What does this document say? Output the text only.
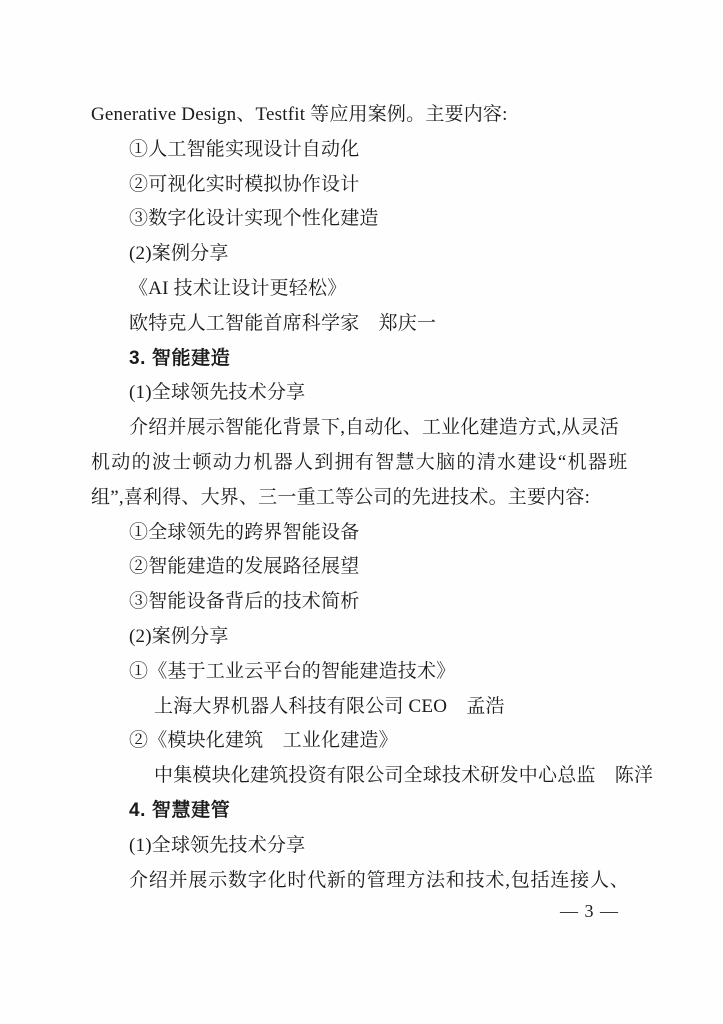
Generative Design、Testfit 等应用案例。主要内容:
①人工智能实现设计自动化
②可视化实时模拟协作设计
③数字化设计实现个性化建造
(2)案例分享
《AI 技术让设计更轻松》
欧特克人工智能首席科学家　郑庆一
3. 智能建造
(1)全球领先技术分享
介绍并展示智能化背景下,自动化、工业化建造方式,从灵活
机动的波士顿动力机器人到拥有智慧大脑的清水建设“机器班
组”,喜利得、大界、三一重工等公司的先进技术。主要内容:
①全球领先的跨界智能设备
②智能建造的发展路径展望
③智能设备背后的技术简析
(2)案例分享
①《基于工业云平台的智能建造技术》
上海大界机器人科技有限公司 CEO　孟浩
②《模块化建筑　工业化建造》
中集模块化建筑投资有限公司全球技术研发中心总监　陈洋
4. 智慧建管
(1)全球领先技术分享
介绍并展示数字化时代新的管理方法和技术,包括连接人、
— 3 —
